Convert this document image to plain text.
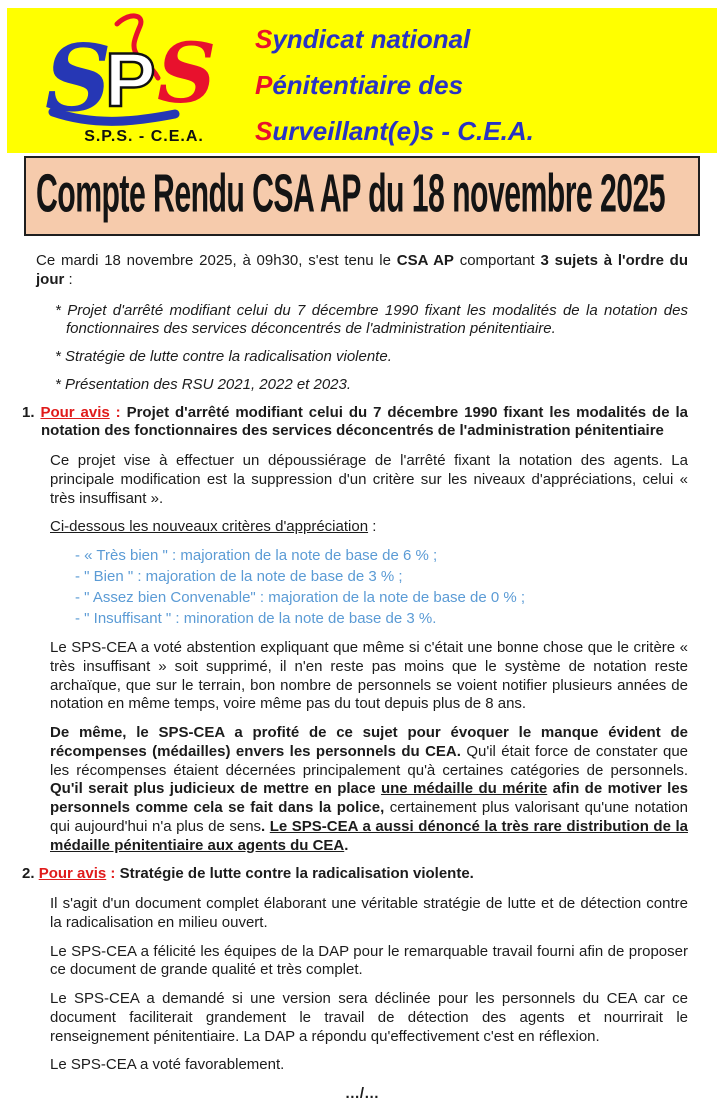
S
P S
S.P.S. - C.E.A.
Syndicat national
Pénitentiaire des
Surveillant(e)s - C.E.A.
Compte Rendu CSA AP du 18 novembre 2025

Ce mardi 18 novembre 2025, à 09h30, s'est tenu le CSA AP comportant 3 sujets à l'ordre du jour :

* Projet d'arrêté modifiant celui du 7 décembre 1990 fixant les modalités de la notation des fonctionnaires des services déconcentrés de l'administration pénitentiaire.
* Stratégie de lutte contre la radicalisation violente.
* Présentation des RSU 2021, 2022 et 2023.

1. Pour avis : Projet d'arrêté modifiant celui du 7 décembre 1990 fixant les modalités de la notation des fonctionnaires des services déconcentrés de l'administration pénitentiaire

Ce projet vise à effectuer un dépoussiérage de l'arrêté fixant la notation des agents. La principale modification est la suppression d'un critère sur les niveaux d'appréciations, celui « très insuffisant ».

Ci-dessous les nouveaux critères d'appréciation :

- « Très bien " : majoration de la note de base de 6 % ;
- " Bien " : majoration de la note de base de 3 % ;
- " Assez bien Convenable" : majoration de la note de base de 0 % ;
- " Insuffisant " : minoration de la note de base de 3 %.

Le SPS-CEA a voté abstention expliquant que même si c'était une bonne chose que le critère « très insuffisant » soit supprimé, il n'en reste pas moins que le système de notation reste archaïque, que sur le terrain, bon nombre de personnels se voient notifier plusieurs années de notation en même temps, voire même pas du tout depuis plus de 8 ans.

De même, le SPS-CEA a profité de ce sujet pour évoquer le manque évident de récompenses (médailles) envers les personnels du CEA. Qu'il était force de constater que les récompenses étaient décernées principalement qu'à certaines catégories de personnels. Qu'il serait plus judicieux de mettre en place une médaille du mérite afin de motiver les personnels comme cela se fait dans la police, certainement plus valorisant qu'une notation qui aujourd'hui n'a plus de sens. Le SPS-CEA a aussi dénoncé la très rare distribution de la médaille pénitentiaire aux agents du CEA.

2. Pour avis : Stratégie de lutte contre la radicalisation violente.

Il s'agit d'un document complet élaborant une véritable stratégie de lutte et de détection contre la radicalisation en milieu ouvert.

Le SPS-CEA a félicité les équipes de la DAP pour le remarquable travail fourni afin de proposer ce document de grande qualité et très complet.

Le SPS-CEA a demandé si une version sera déclinée pour les personnels du CEA car ce document faciliterait grandement le travail de détection des agents et nourrirait le renseignement pénitentiaire. La DAP a répondu qu'effectivement c'est en réflexion.

Le SPS-CEA a voté favorablement.

…/…
